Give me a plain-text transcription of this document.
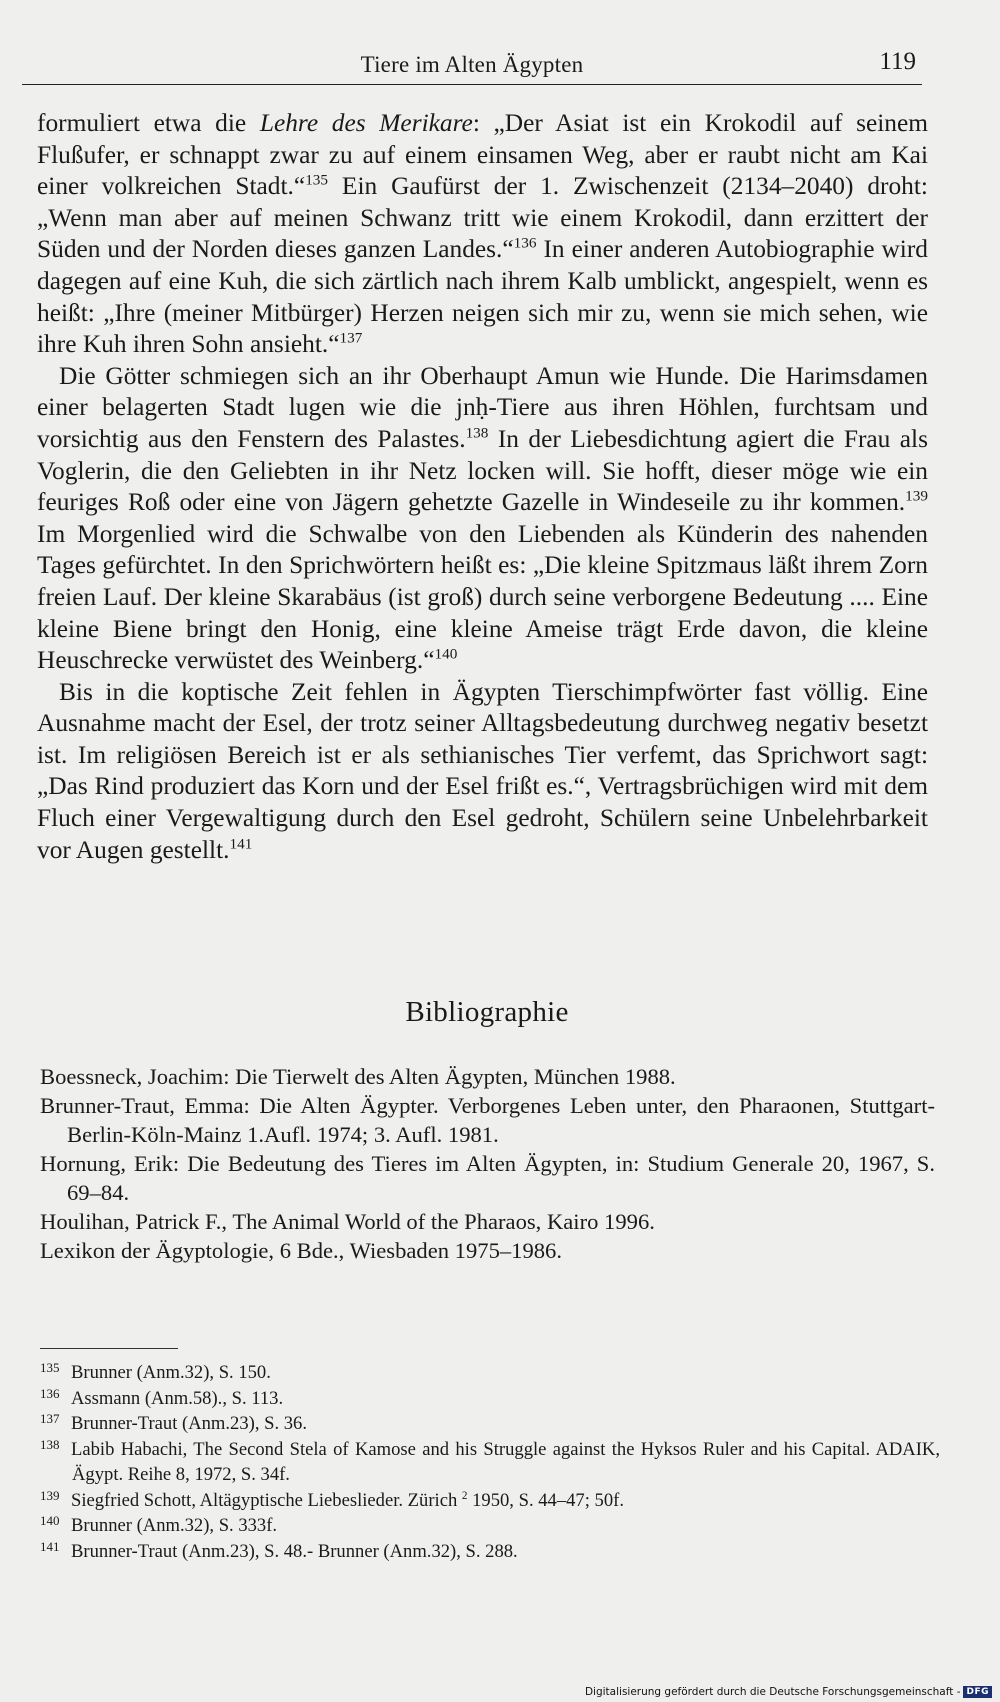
Tiere im Alten Ägypten	119

formuliert etwa die Lehre des Merikare: „Der Asiat ist ein Krokodil auf seinem Flußufer, er schnappt zwar zu auf einem einsamen Weg, aber er raubt nicht am Kai einer volkreichen Stadt.“$^{135}$ Ein Gaufürst der 1. Zwischenzeit (2134–2040) droht: „Wenn man aber auf meinen Schwanz tritt wie einem Krokodil, dann erzittert der Süden und der Norden dieses ganzen Landes.“$^{136}$ In einer anderen Autobiographie wird dagegen auf eine Kuh, die sich zärtlich nach ihrem Kalb umblickt, angespielt, wenn es heißt: „Ihre (meiner Mitbürger) Herzen neigen sich mir zu, wenn sie mich sehen, wie ihre Kuh ihren Sohn ansieht.“$^{137}$

Die Götter schmiegen sich an ihr Oberhaupt Amun wie Hunde. Die Harimsdamen einer belagerten Stadt lugen wie die jnḥ-Tiere aus ihren Höhlen, furchtsam und vorsichtig aus den Fenstern des Palastes.$^{138}$ In der Liebesdichtung agiert die Frau als Voglerin, die den Geliebten in ihr Netz locken will. Sie hofft, dieser möge wie ein feuriges Roß oder eine von Jägern gehetzte Gazelle in Windeseile zu ihr kommen.$^{139}$ Im Morgenlied wird die Schwalbe von den Liebenden als Künderin des nahenden Tages gefürchtet. In den Sprichwörtern heißt es: „Die kleine Spitzmaus läßt ihrem Zorn freien Lauf. Der kleine Skarabäus (ist groß) durch seine verborgene Bedeutung .... Eine kleine Biene bringt den Honig, eine kleine Ameise trägt Erde davon, die kleine Heuschrecke verwüstet des Weinberg.“$^{140}$

Bis in die koptische Zeit fehlen in Ägypten Tierschimpfwörter fast völlig. Eine Ausnahme macht der Esel, der trotz seiner Alltagsbedeutung durchweg negativ besetzt ist. Im religiösen Bereich ist er als sethianisches Tier verfemt, das Sprichwort sagt: „Das Rind produziert das Korn und der Esel frißt es.“, Vertragsbrüchigen wird mit dem Fluch einer Vergewaltigung durch den Esel gedroht, Schülern seine Unbelehrbarkeit vor Augen gestellt.$^{141}$

Bibliographie

Boessneck, Joachim: Die Tierwelt des Alten Ägypten, München 1988.

Brunner-Traut, Emma: Die Alten Ägypter. Verborgenes Leben unter, den Pharaonen, Stuttgart-Berlin-Köln-Mainz 1.Aufl. 1974; 3. Aufl. 1981.

Hornung, Erik: Die Bedeutung des Tieres im Alten Ägypten, in: Studium Generale 20, 1967, S. 69–84.

Houlihan, Patrick F., The Animal World of the Pharaos, Kairo 1996.

Lexikon der Ägyptologie, 6 Bde., Wiesbaden 1975–1986.

135 Brunner (Anm.32), S. 150.

136 Assmann (Anm.58)., S. 113.

137 Brunner-Traut (Anm.23), S. 36.

138 Labib Habachi, The Second Stela of Kamose and his Struggle against the Hyksos Ruler and his Capital. ADAIK, Ägypt. Reihe 8, 1972, S. 34f.

139 Siegfried Schott, Altägyptische Liebeslieder. Zürich $^2$ 1950, S. 44–47; 50f.

140 Brunner (Anm.32), S. 333f.

141 Brunner-Traut (Anm.23), S. 48.- Brunner (Anm.32), S. 288.

Digitalisierung gefördert durch die Deutsche Forschungsgemeinschaft - DFG
